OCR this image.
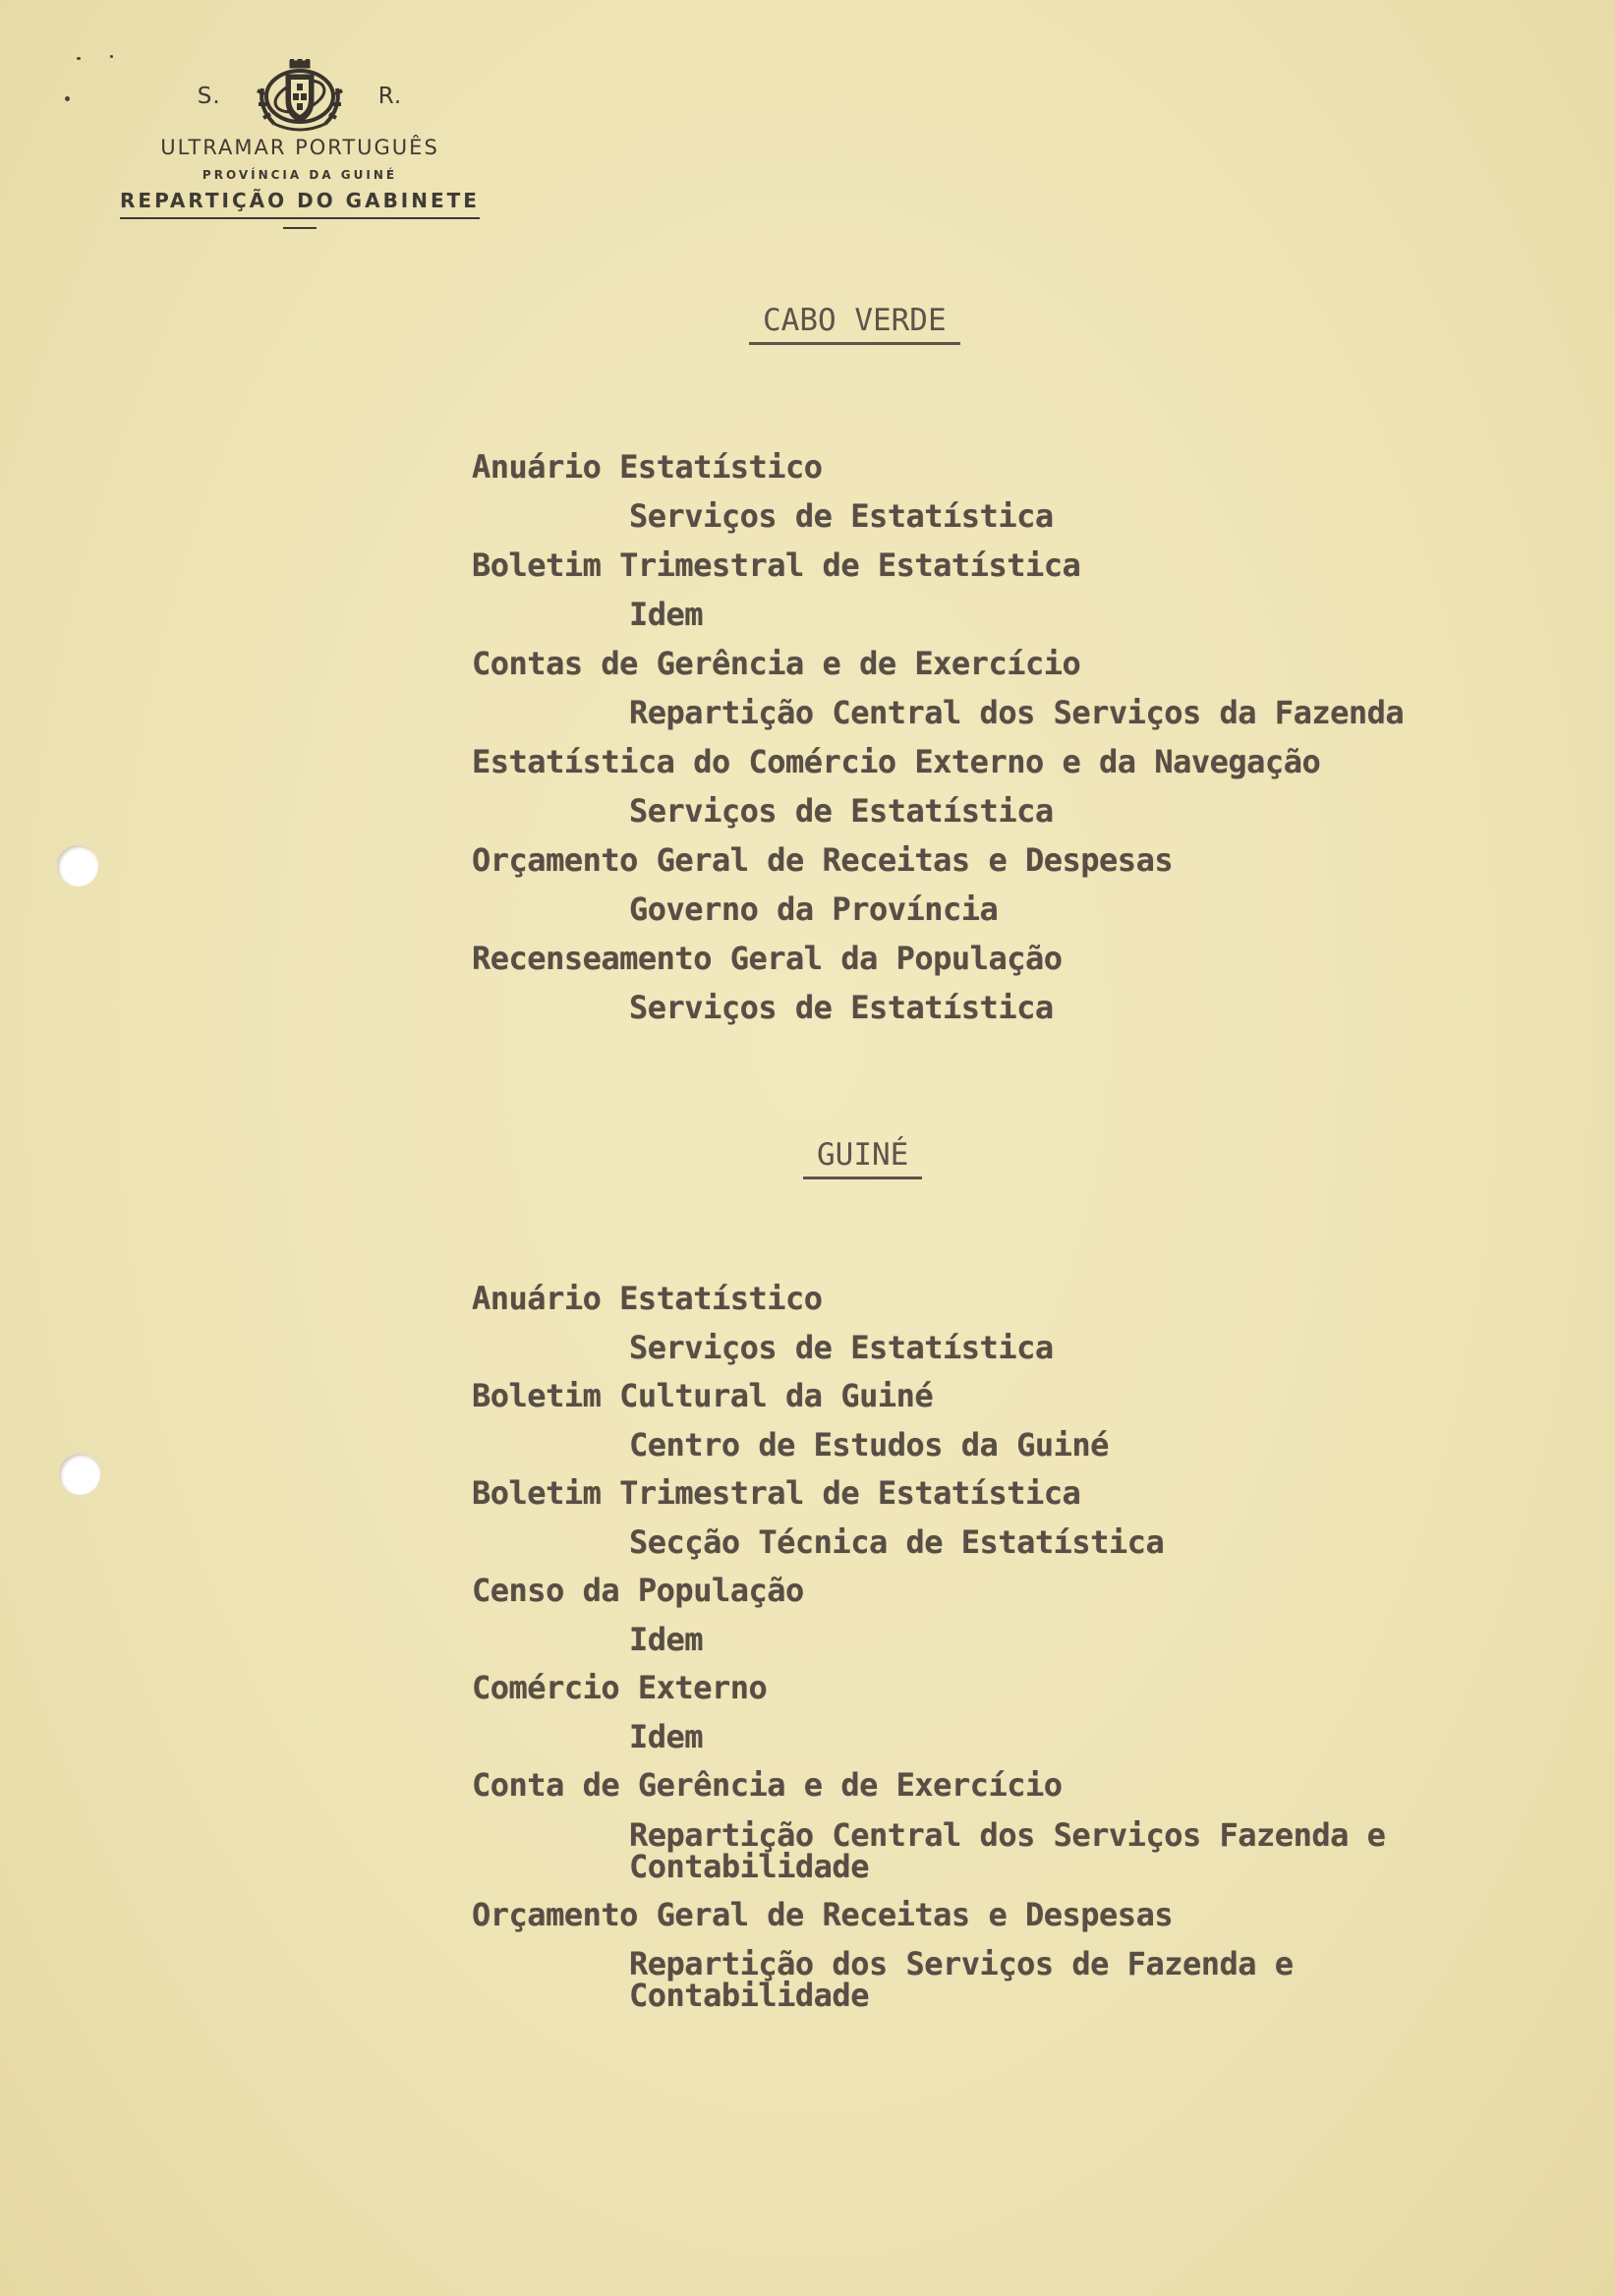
S.	R.
ULTRAMAR PORTUGUÊS
PROVÍNCIA DA GUINÉ
REPARTIÇÃO DO GABINETE
CABO VERDE

Anuário Estatístico

Serviços de Estatística

Boletim Trimestral de Estatística

Idem

Contas de Gerência e de Exercício

Repartição Central dos Serviços da Fazenda

Estatística do Comércio Externo e da Navegação

Serviços de Estatística

Orçamento Geral de Receitas e Despesas

Governo da Província

Recenseamento Geral da População

Serviços de Estatística

GUINÉ

Anuário Estatístico

Serviços de Estatística

Boletim Cultural da Guiné

Centro de Estudos da Guiné

Boletim Trimestral de Estatística

Secção Técnica de Estatística

Censo da População

Idem

Comércio Externo

Idem

Conta de Gerência e de Exercício

Repartição Central dos Serviços Fazenda e Contabilidade

Orçamento Geral de Receitas e Despesas

Repartição dos Serviços de Fazenda e Contabilidade
